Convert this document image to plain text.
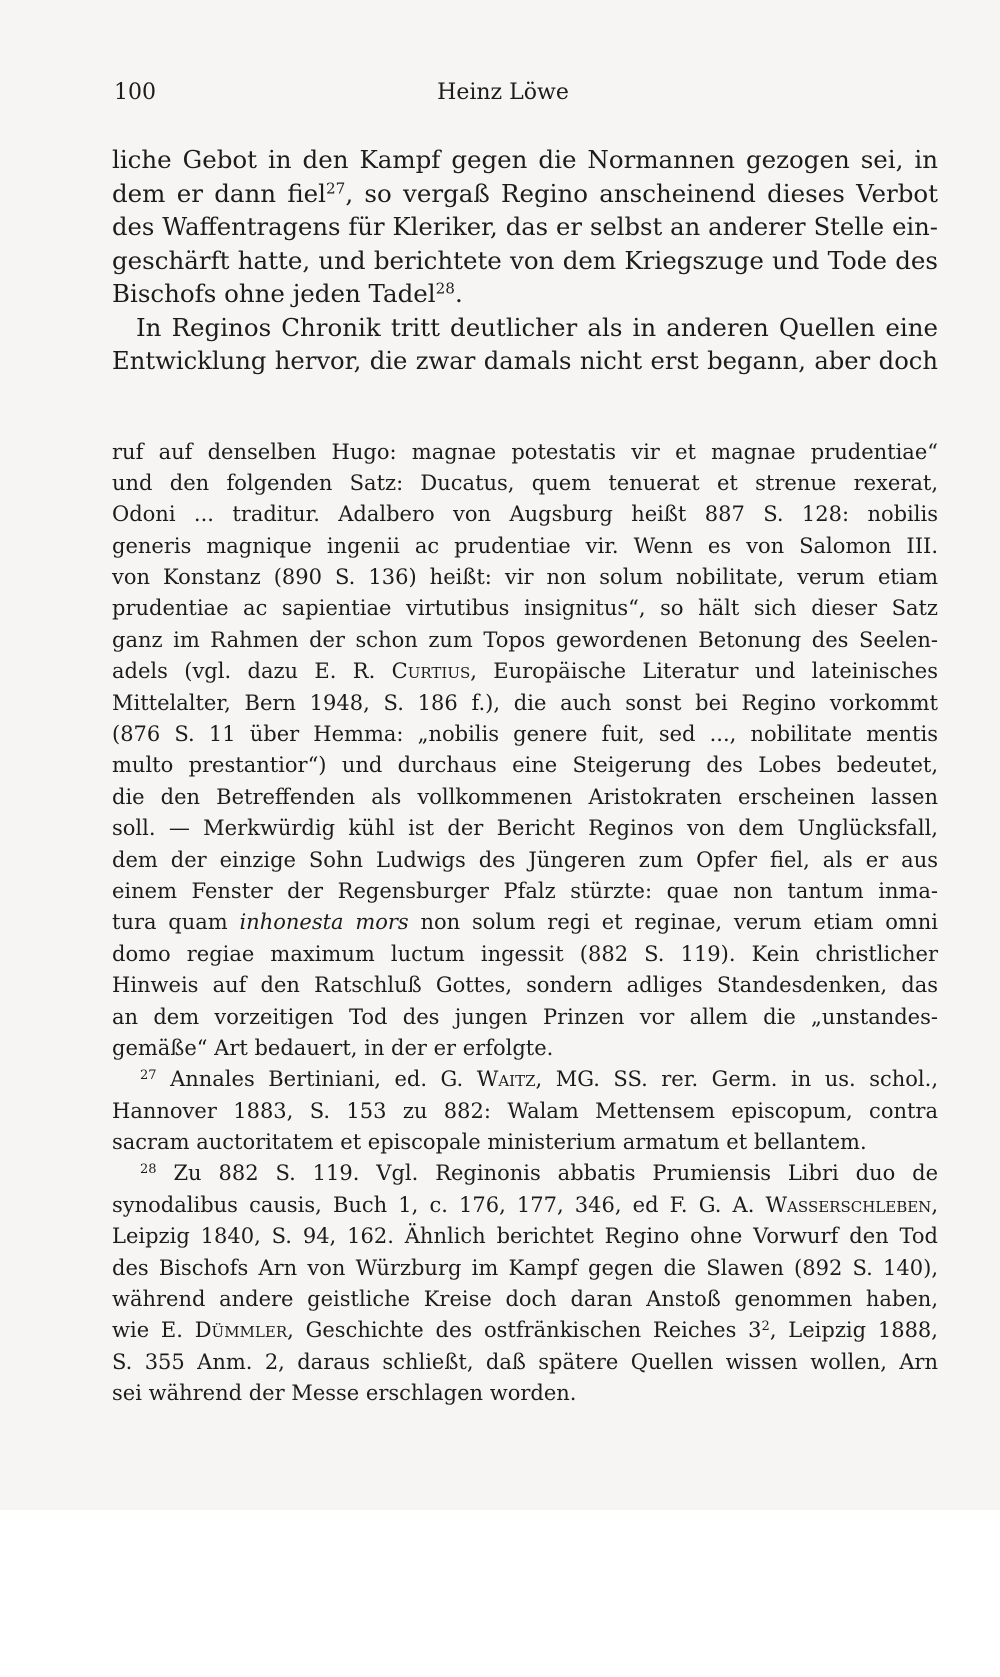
100	Heinz Löwe
liche Gebot in den Kampf gegen die Normannen gezogen sei, in
dem er dann fiel$^{27}$, so vergaß Regino anscheinend dieses Verbot
des Waffentragens für Kleriker, das er selbst an anderer Stelle ein-
geschärft hatte, und berichtete von dem Kriegszuge und Tode des
Bischofs ohne jeden Tadel$^{28}$.
In Reginos Chronik tritt deutlicher als in anderen Quellen eine
Entwicklung hervor, die zwar damals nicht erst begann, aber doch
ruf auf denselben Hugo: magnae potestatis vir et magnae prudentiae“
und den folgenden Satz: Ducatus, quem tenuerat et strenue rexerat,
Odoni ... traditur. Adalbero von Augsburg heißt 887 S. 128: nobilis
generis magnique ingenii ac prudentiae vir. Wenn es von Salomon III.
von Konstanz (890 S. 136) heißt: vir non solum nobilitate, verum etiam
prudentiae ac sapientiae virtutibus insignitus“, so hält sich dieser Satz
ganz im Rahmen der schon zum Topos gewordenen Betonung des Seelen-
adels (vgl. dazu E. R. Curtius, Europäische Literatur und lateinisches
Mittelalter, Bern 1948, S. 186 f.), die auch sonst bei Regino vorkommt
(876 S. 11 über Hemma: „nobilis genere fuit, sed ..., nobilitate mentis
multo prestantior“) und durchaus eine Steigerung des Lobes bedeutet,
die den Betreffenden als vollkommenen Aristokraten erscheinen lassen
soll. — Merkwürdig kühl ist der Bericht Reginos von dem Unglücksfall,
dem der einzige Sohn Ludwigs des Jüngeren zum Opfer fiel, als er aus
einem Fenster der Regensburger Pfalz stürzte: quae non tantum inma-
tura quam inhonesta mors non solum regi et reginae, verum etiam omni
domo regiae maximum luctum ingessit (882 S. 119). Kein christlicher
Hinweis auf den Ratschluß Gottes, sondern adliges Standesdenken, das
an dem vorzeitigen Tod des jungen Prinzen vor allem die „unstandes-
gemäße“ Art bedauert, in der er erfolgte.
$^{27}$ Annales Bertiniani, ed. G. Waitz, MG. SS. rer. Germ. in us. schol.,
Hannover 1883, S. 153 zu 882: Walam Mettensem episcopum, contra
sacram auctoritatem et episcopale ministerium armatum et bellantem.
$^{28}$ Zu 882 S. 119. Vgl. Reginonis abbatis Prumiensis Libri duo de
synodalibus causis, Buch 1, c. 176, 177, 346, ed F. G. A. Wasserschleben,
Leipzig 1840, S. 94, 162. Ähnlich berichtet Regino ohne Vorwurf den Tod
des Bischofs Arn von Würzburg im Kampf gegen die Slawen (892 S. 140),
während andere geistliche Kreise doch daran Anstoß genommen haben,
wie E. Dümmler, Geschichte des ostfränkischen Reiches $3^2$, Leipzig 1888,
S. 355 Anm. 2, daraus schließt, daß spätere Quellen wissen wollen, Arn
sei während der Messe erschlagen worden.
